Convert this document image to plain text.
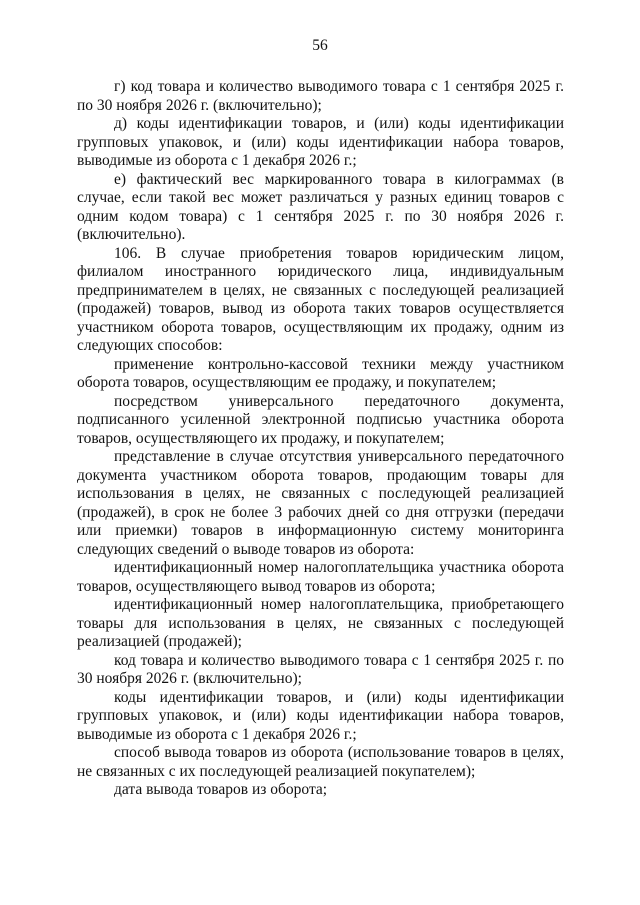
56

г) код товара и количество выводимого товара с 1 сентября 2025 г. по 30 ноября 2026 г. (включительно);

д) коды идентификации товаров, и (или) коды идентификации групповых упаковок, и (или) коды идентификации набора товаров, выводимые из оборота с 1 декабря 2026 г.;

е) фактический вес маркированного товара в килограммах (в случае, если такой вес может различаться у разных единиц товаров с одним кодом товара) с 1 сентября 2025 г. по 30 ноября 2026 г. (включительно).

106. В случае приобретения товаров юридическим лицом, филиалом иностранного юридического лица, индивидуальным предпринимателем в целях, не связанных с последующей реализацией (продажей) товаров, вывод из оборота таких товаров осуществляется участником оборота товаров, осуществляющим их продажу, одним из следующих способов:

применение контрольно-кассовой техники между участником оборота товаров, осуществляющим ее продажу, и покупателем;

посредством универсального передаточного документа, подписанного усиленной электронной подписью участника оборота товаров, осуществляющего их продажу, и покупателем;

представление в случае отсутствия универсального передаточного документа участником оборота товаров, продающим товары для использования в целях, не связанных с последующей реализацией (продажей), в срок не более 3 рабочих дней со дня отгрузки (передачи или приемки) товаров в информационную систему мониторинга следующих сведений о выводе товаров из оборота:

идентификационный номер налогоплательщика участника оборота товаров, осуществляющего вывод товаров из оборота;

идентификационный номер налогоплательщика, приобретающего товары для использования в целях, не связанных с последующей реализацией (продажей);

код товара и количество выводимого товара с 1 сентября 2025 г. по 30 ноября 2026 г. (включительно);

коды идентификации товаров, и (или) коды идентификации групповых упаковок, и (или) коды идентификации набора товаров, выводимые из оборота с 1 декабря 2026 г.;

способ вывода товаров из оборота (использование товаров в целях, не связанных с их последующей реализацией покупателем);

дата вывода товаров из оборота;
